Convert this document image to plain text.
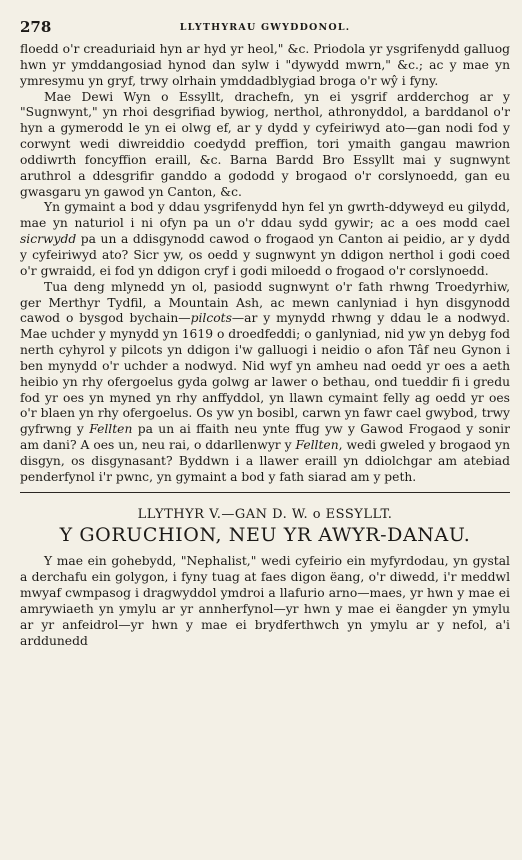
278	LLYTHYRAU GWYDDONOL.

floedd o'r creaduriaid hyn ar hyd yr heol," &c. Priodola yr ysgrifenydd galluog hwn yr ymddangosiad hynod dan sylw i "dywydd mwrn," &c.; ac y mae yn ymresymu yn gryf, trwy olrhain ymddadblygiad broga o'r wŷ i fyny.

Mae Dewi Wyn o Essyllt, drachefn, yn ei ysgrif ardderchog ar y "Sugnwynt," yn rhoi desgrifiad bywiog, nerthol, athronyddol, a barddanol o'r hyn a gymerodd le yn ei olwg ef, ar y dydd y cyfeiriwyd ato—gan nodi fod y corwynt wedi diwreiddio coedydd preffion, tori ymaith gangau mawrion oddiwrth foncyffion eraill, &c. Barna Bardd Bro Essyllt mai y sugnwynt aruthrol a ddesgrifir ganddo a gododd y brogaod o'r corslynoedd, gan eu gwasgaru yn gawod yn Canton, &c.

Yn gymaint a bod y ddau ysgrifenydd hyn fel yn gwrth-ddyweyd eu gilydd, mae yn naturiol i ni ofyn pa un o'r ddau sydd gywir; ac a oes modd cael sicrwydd pa un a ddisgynodd cawod o frogaod yn Canton ai peidio, ar y dydd y cyfeiriwyd ato? Sicr yw, os oedd y sugnwynt yn ddigon nerthol i godi coed o'r gwraidd, ei fod yn ddigon cryf i godi miloedd o frogaod o'r corslynoedd.

Tua deng mlynedd yn ol, pasiodd sugnwynt o'r fath rhwng Troedyrhiw, ger Merthyr Tydfil, a Mountain Ash, ac mewn canlyniad i hyn disgynodd cawod o bysgod bychain—pilcots—ar y mynydd rhwng y ddau le a nodwyd. Mae uchder y mynydd yn 1619 o droedfeddi; o ganlyniad, nid yw yn debyg fod nerth cyhyrol y pilcots yn ddigon i'w galluogi i neidio o afon Tâf neu Gynon i ben mynydd o'r uchder a nodwyd. Nid wyf yn amheu nad oedd yr oes a aeth heibio yn rhy ofergoelus gyda golwg ar lawer o bethau, ond tueddir fi i gredu fod yr oes yn myned yn rhy anffyddol, yn llawn cymaint felly ag oedd yr oes o'r blaen yn rhy ofergoelus. Os yw yn bosibl, carwn yn fawr cael gwybod, trwy gyfrwng y Fellten pa un ai ffaith neu ynte ffug yw y Gawod Frogaod y sonir am dani? A oes un, neu rai, o ddarllenwyr y Fellten, wedi gweled y brogaod yn disgyn, os disgynasant? Byddwn i a llawer eraill yn ddiolchgar am atebiad penderfynol i'r pwnc, yn gymaint a bod y fath siarad am y peth.

LLYTHYR V.—GAN D. W. o ESSYLLT.
Y GORUCHION, NEU YR AWYR-DANAU.

Y mae ein gohebydd, "Nephalist," wedi cyfeirio ein myfyrdodau, yn gystal a derchafu ein golygon, i fyny tuag at faes digon ëang, o'r diwedd, i'r meddwl mwyaf cwmpasog i dragwyddol ymdroi a llafurio arno—maes, yr hwn y mae ei amrywiaeth yn ymylu ar yr annherfynol—yr hwn y mae ei ëangder yn ymylu ar yr anfeidrol—yr hwn y mae ei brydferthwch yn ymylu ar y nefol, a'i arddunedd
